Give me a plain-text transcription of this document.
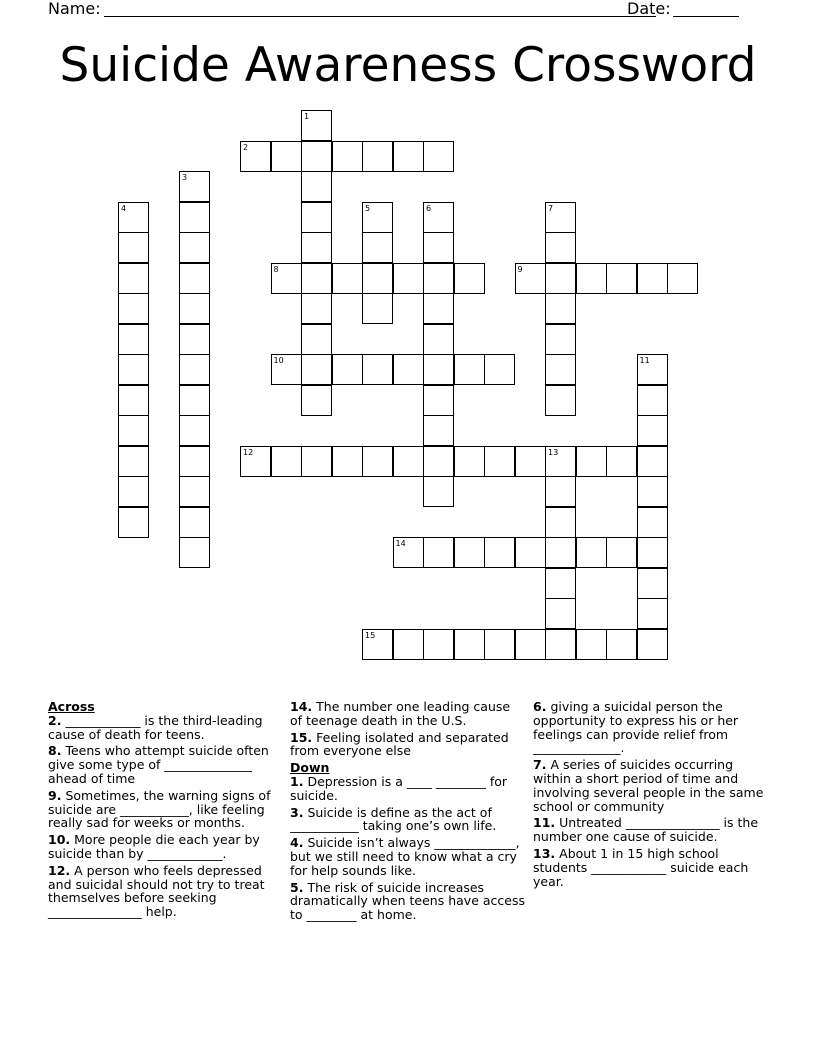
Name:	Date:
Suicide Awareness Crossword
1
2
3
4	5	6	7
8	9
10	11
12	13
14
15
Across
2. ____________ is the third-leading cause of death for teens.
8. Teens who attempt suicide often give some type of ______________ ahead of time
9. Sometimes, the warning signs of suicide are ___________, like feeling really sad for weeks or months.
10. More people die each year by suicide than by ____________.
12. A person who feels depressed and suicidal should not try to treat themselves before seeking _______________ help.
14. The number one leading cause of teenage death in the U.S.
15. Feeling isolated and separated from everyone else
Down
1. Depression is a ____ ________ for suicide.
3. Suicide is define as the act of ___________ taking one’s own life.
4. Suicide isn’t always _____________, but we still need to know what a cry for help sounds like.
5. The risk of suicide increases dramatically when teens have access to ________ at home.
6. giving a suicidal person the opportunity to express his or her feelings can provide relief from ______________.
7. A series of suicides occurring within a short period of time and involving several people in the same school or community
11. Untreated _______________ is the number one cause of suicide.
13. About 1 in 15 high school students ____________ suicide each year.
